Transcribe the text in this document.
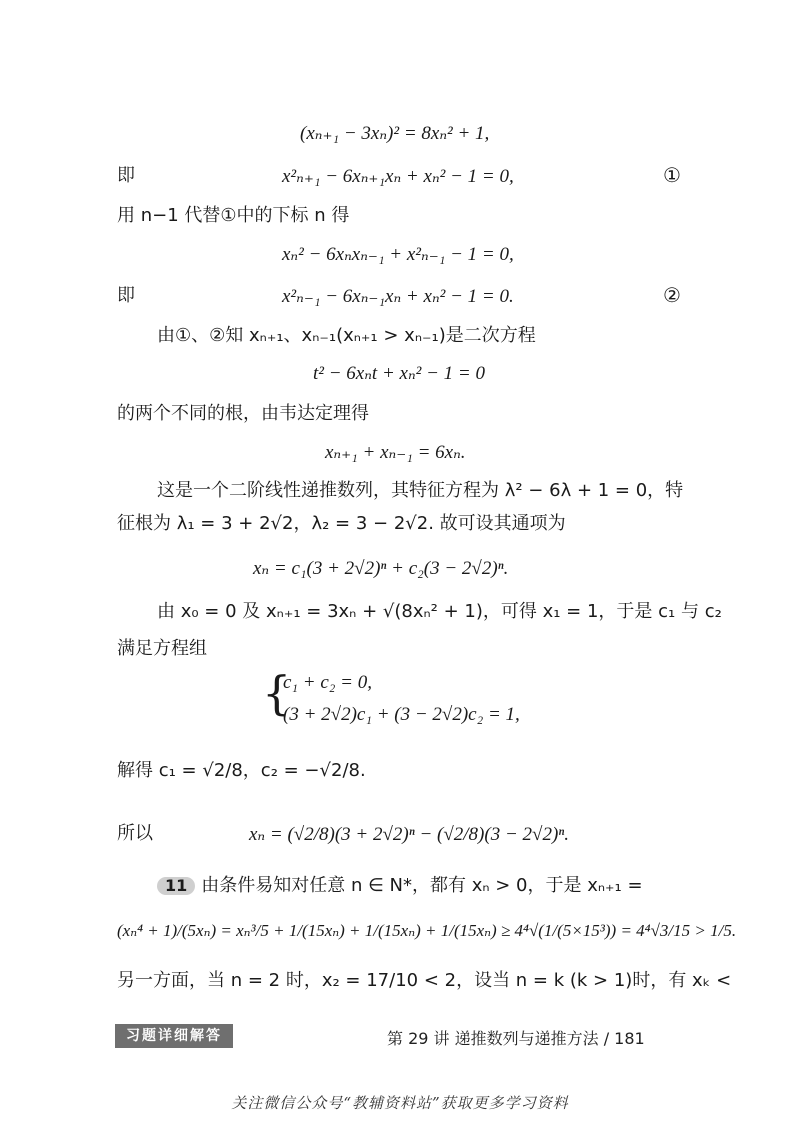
(xₙ₊₁ − 3xₙ)² = 8xₙ² + 1,
即	x²ₙ₊₁ − 6xₙ₊₁xₙ + xₙ² − 1 = 0,	①
用 n−1 代替①中的下标 n 得
xₙ² − 6xₙxₙ₋₁ + x²ₙ₋₁ − 1 = 0,
即	x²ₙ₋₁ − 6xₙ₋₁xₙ + xₙ² − 1 = 0.	②
由①、②知 xₙ₊₁、xₙ₋₁(xₙ₊₁ > xₙ₋₁)是二次方程
t² − 6xₙt + xₙ² − 1 = 0
的两个不同的根，由韦达定理得
xₙ₊₁ + xₙ₋₁ = 6xₙ.
这是一个二阶线性递推数列，其特征方程为 λ² − 6λ + 1 = 0，特
征根为 λ₁ = 3 + 2√2，λ₂ = 3 − 2√2. 故可设其通项为
xₙ = c₁(3 + 2√2)ⁿ + c₂(3 − 2√2)ⁿ.
由 x₀ = 0 及 xₙ₊₁ = 3xₙ + √(8xₙ² + 1)，可得 x₁ = 1，于是 c₁ 与 c₂
满足方程组
{
c₁ + c₂ = 0,
(3 + 2√2)c₁ + (3 − 2√2)c₂ = 1,
解得 c₁ = √2/8，c₂ = −√2/8.
所以	xₙ = (√2/8)(3 + 2√2)ⁿ − (√2/8)(3 − 2√2)ⁿ.
11 由条件易知对任意 n ∈ N*，都有 xₙ > 0，于是 xₙ₊₁ =
(xₙ⁴ + 1)/(5xₙ) = xₙ³/5 + 1/(15xₙ) + 1/(15xₙ) + 1/(15xₙ) ≥ 4⁴√(1/(5×15³)) = 4⁴√3/15 > 1/5.
另一方面，当 n = 2 时，x₂ = 17/10 < 2，设当 n = k (k > 1)时，有 xₖ <
习题详细解答	第 29 讲 递推数列与递推方法 / 181
关注微信公众号“教辅资料站”获取更多学习资料
